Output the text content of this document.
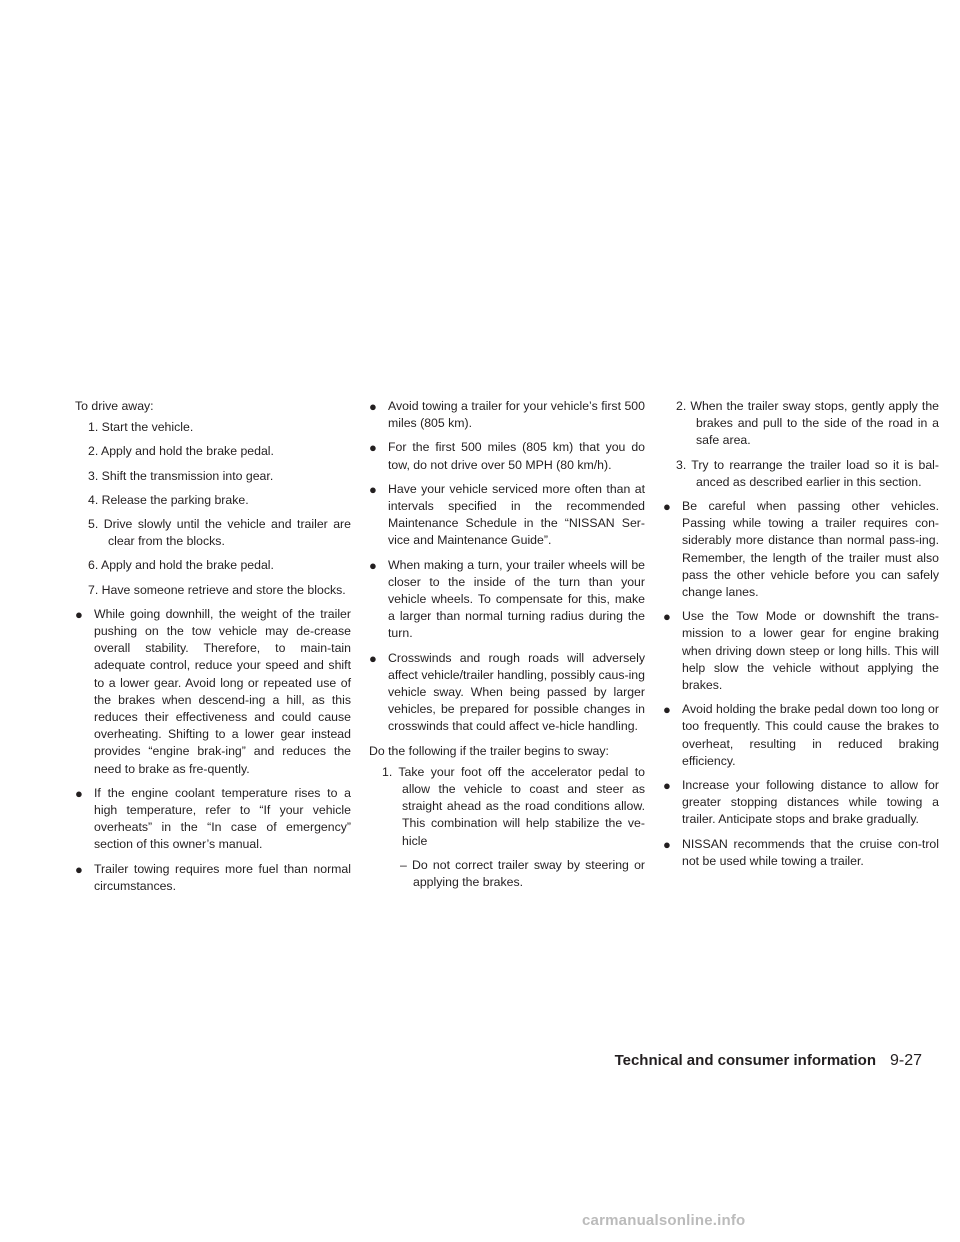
To drive away:

1. Start the vehicle.
2. Apply and hold the brake pedal.
3. Shift the transmission into gear.
4. Release the parking brake.
5. Drive slowly until the vehicle and trailer are clear from the blocks.
6. Apply and hold the brake pedal.
7. Have someone retrieve and store the blocks.
● While going downhill, the weight of the trailer pushing on the tow vehicle may de-crease overall stability. Therefore, to main-tain adequate control, reduce your speed and shift to a lower gear. Avoid long or repeated use of the brakes when descend-ing a hill, as this reduces their effectiveness and could cause overheating. Shifting to a lower gear instead provides “engine brak-ing” and reduces the need to brake as fre-quently.
● If the engine coolant temperature rises to a high temperature, refer to “If your vehicle overheats” in the “In case of emergency” section of this owner’s manual.
● Trailer towing requires more fuel than normal circumstances.
● Avoid towing a trailer for your vehicle’s first 500 miles (805 km).
● For the first 500 miles (805 km) that you do tow, do not drive over 50 MPH (80 km/h).
● Have your vehicle serviced more often than at intervals specified in the recommended Maintenance Schedule in the “NISSAN Ser-vice and Maintenance Guide”.
● When making a turn, your trailer wheels will be closer to the inside of the turn than your vehicle wheels. To compensate for this, make a larger than normal turning radius during the turn.
● Crosswinds and rough roads will adversely affect vehicle/trailer handling, possibly caus-ing vehicle sway. When being passed by larger vehicles, be prepared for possible changes in crosswinds that could affect ve-hicle handling.

Do the following if the trailer begins to sway:

1. Take your foot off the accelerator pedal to allow the vehicle to coast and steer as straight ahead as the road conditions allow. This combination will help stabilize the ve-hicle
– Do not correct trailer sway by steering or applying the brakes.
2. When the trailer sway stops, gently apply the brakes and pull to the side of the road in a safe area.
3. Try to rearrange the trailer load so it is bal-anced as described earlier in this section.
● Be careful when passing other vehicles. Passing while towing a trailer requires con-siderably more distance than normal pass-ing. Remember, the length of the trailer must also pass the other vehicle before you can safely change lanes.
● Use the Tow Mode or downshift the trans-mission to a lower gear for engine braking when driving down steep or long hills. This will help slow the vehicle without applying the brakes.
● Avoid holding the brake pedal down too long or too frequently. This could cause the brakes to overheat, resulting in reduced braking efficiency.
● Increase your following distance to allow for greater stopping distances while towing a trailer. Anticipate stops and brake gradually.
● NISSAN recommends that the cruise con-trol not be used while towing a trailer.
Technical and consumer information 9-27
carmanualsonline.info
